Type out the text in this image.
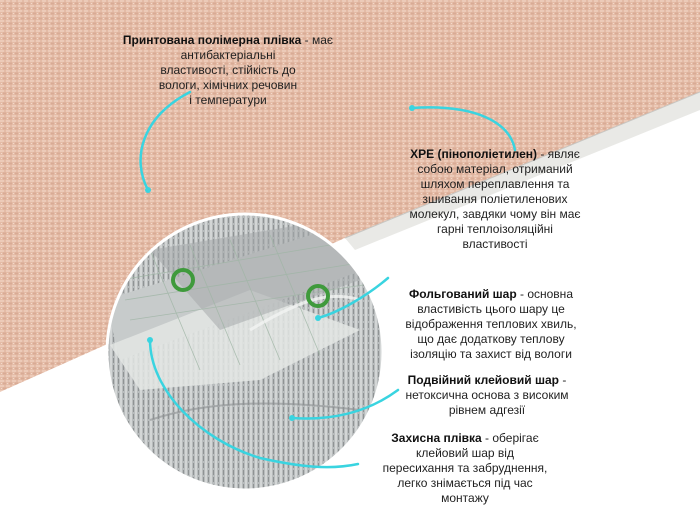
Принтована полімерна плівка - має антибактеріальні
властивості, стійкість до
вологи, хімічних речовин
і температури
XPE (пінополіетилен) - являє
собою матеріал, отриманий
шляхом переплавлення та
зшивання поліетиленових
молекул, завдяки чому він має
гарні теплоізоляційні
властивості
Фольгований шар - основна
властивість цього шару це
відображення теплових хвиль,
що дає додаткову теплову
ізоляцію та захист від вологи
Подвійний клейовий шар -
нетоксична основа з високим
рівнем адгезії
Захисна плівка - оберігає
клейовий шар від
пересихання та забруднення,
легко знімається під час
монтажу
